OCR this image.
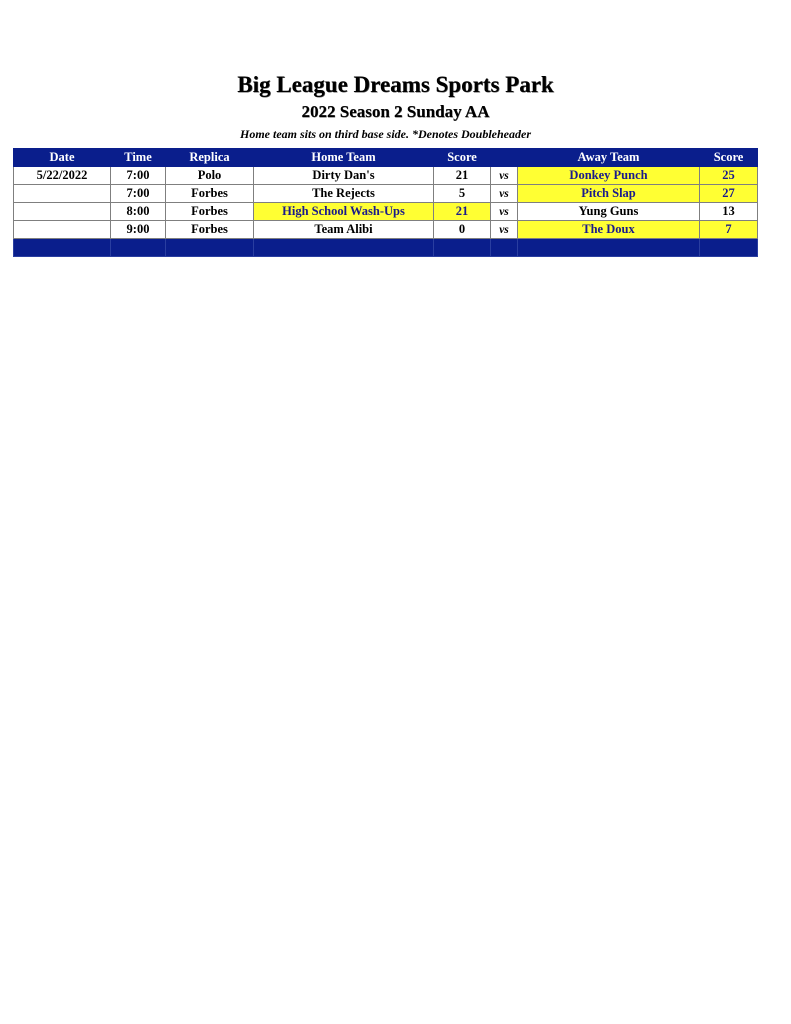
Big League Dreams Sports Park
2022 Season 2 Sunday AA
Home team sits on third base side. *Denotes Doubleheader
Date	Time	Replica	Home Team	Score		Away Team	Score
5/22/2022	7:00	Polo	Dirty Dan's	21	vs	Donkey Punch	25
	7:00	Forbes	The Rejects	5	vs	Pitch Slap	27
	8:00	Forbes	High School Wash-Ups	21	vs	Yung Guns	13
	9:00	Forbes	Team Alibi	0	vs	The Doux	7
